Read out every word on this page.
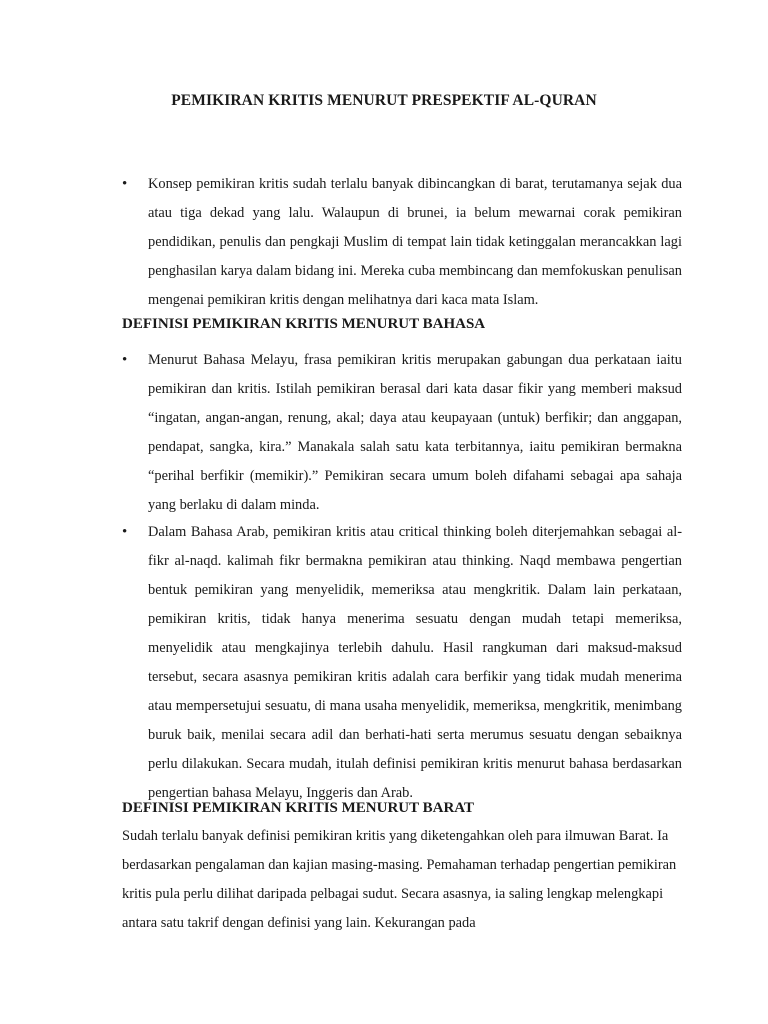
PEMIKIRAN KRITIS MENURUT PRESPEKTIF AL-QURAN
•	Konsep pemikiran kritis sudah terlalu banyak dibincangkan di barat, terutamanya sejak dua atau tiga dekad yang lalu. Walaupun di brunei, ia belum mewarnai corak pemikiran pendidikan, penulis dan pengkaji Muslim di tempat lain tidak ketinggalan merancakkan lagi penghasilan karya dalam bidang ini. Mereka cuba membincang dan memfokuskan penulisan mengenai pemikiran kritis dengan melihatnya dari kaca mata Islam.
DEFINISI PEMIKIRAN KRITIS MENURUT BAHASA
•	Menurut Bahasa Melayu, frasa pemikiran kritis merupakan gabungan dua perkataan iaitu pemikiran dan kritis. Istilah pemikiran berasal dari kata dasar fikir yang memberi maksud “ingatan, angan-angan, renung, akal; daya atau keupayaan (untuk) berfikir; dan anggapan, pendapat, sangka, kira.” Manakala salah satu kata terbitannya, iaitu pemikiran bermakna “perihal berfikir (memikir).” Pemikiran secara umum boleh difahami sebagai apa sahaja yang berlaku di dalam minda.
•	Dalam Bahasa Arab, pemikiran kritis atau critical thinking boleh diterjemahkan sebagai al-fikr al-naqd. kalimah fikr bermakna pemikiran atau thinking. Naqd membawa pengertian bentuk pemikiran yang menyelidik, memeriksa atau mengkritik. Dalam lain perkataan, pemikiran kritis, tidak hanya menerima sesuatu dengan mudah tetapi memeriksa, menyelidik atau mengkajinya terlebih dahulu. Hasil rangkuman dari maksud-maksud tersebut, secara asasnya pemikiran kritis adalah cara berfikir yang tidak mudah menerima atau mempersetujui sesuatu, di mana usaha menyelidik, memeriksa, mengkritik, menimbang buruk baik, menilai secara adil dan berhati-hati serta merumus sesuatu dengan sebaiknya perlu dilakukan. Secara mudah, itulah definisi pemikiran kritis menurut bahasa berdasarkan pengertian bahasa Melayu, Inggeris dan Arab.
DEFINISI PEMIKIRAN KRITIS MENURUT BARAT
Sudah terlalu banyak definisi pemikiran kritis yang diketengahkan oleh para ilmuwan Barat. Ia berdasarkan pengalaman dan kajian masing-masing. Pemahaman terhadap pengertian pemikiran kritis pula perlu dilihat daripada pelbagai sudut. Secara asasnya, ia saling lengkap melengkapi antara satu takrif dengan definisi yang lain. Kekurangan pada
